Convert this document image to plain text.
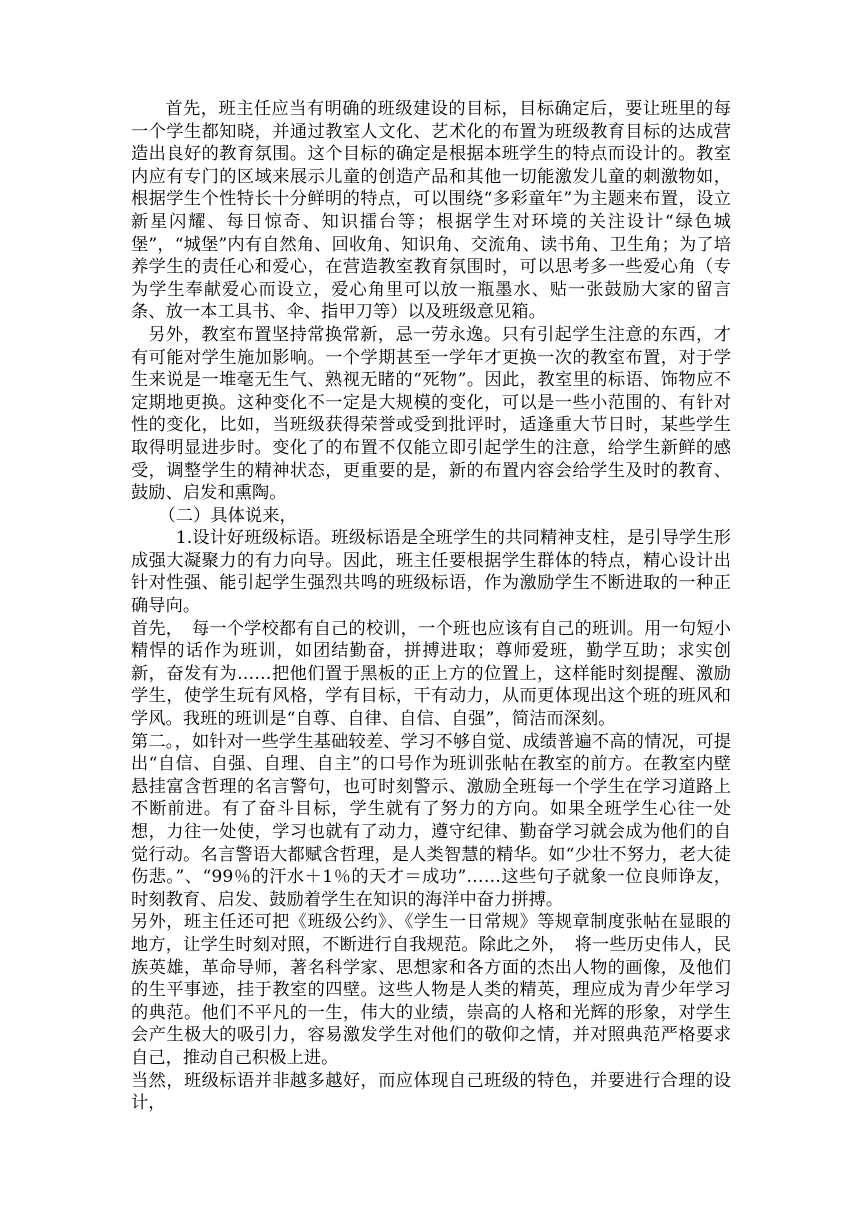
首先，班主任应当有明确的班级建设的目标，目标确定后，要让班里的每一个学生都知晓，并通过教室人文化、艺术化的布置为班级教育目标的达成营造出良好的教育氛围。这个目标的确定是根据本班学生的特点而设计的。教室内应有专门的区域来展示儿童的创造产品和其他一切能激发儿童的刺激物如，根据学生个性特长十分鲜明的特点，可以围绕“多彩童年”为主题来布置，设立新星闪耀、每日惊奇、知识擂台等；根据学生对环境的关注设计“绿色城堡”，“城堡”内有自然角、回收角、知识角、交流角、读书角、卫生角；为了培养学生的责任心和爱心，在营造教室教育氛围时，可以思考多一些爱心角（专为学生奉献爱心而设立，爱心角里可以放一瓶墨水、贴一张鼓励大家的留言条、放一本工具书、伞、指甲刀等）以及班级意见箱。

另外，教室布置坚持常换常新，忌一劳永逸。只有引起学生注意的东西，才有可能对学生施加影响。一个学期甚至一学年才更换一次的教室布置，对于学生来说是一堆毫无生气、熟视无睹的“死物”。因此，教室里的标语、饰物应不定期地更换。这种变化不一定是大规模的变化，可以是一些小范围的、有针对性的变化，比如，当班级获得荣誉或受到批评时，适逢重大节日时，某些学生取得明显进步时。变化了的布置不仅能立即引起学生的注意，给学生新鲜的感受，调整学生的精神状态，更重要的是，新的布置内容会给学生及时的教育、鼓励、启发和熏陶。

（二）具体说来，

1.设计好班级标语。班级标语是全班学生的共同精神支柱，是引导学生形成强大凝聚力的有力向导。因此，班主任要根据学生群体的特点，精心设计出针对性强、能引起学生强烈共鸣的班级标语，作为激励学生不断进取的一种正确导向。

首先，　每一个学校都有自己的校训，一个班也应该有自己的班训。用一句短小精悍的话作为班训，如团结勤奋，拼搏进取；尊师爱班，勤学互助；求实创新，奋发有为……把他们置于黑板的正上方的位置上，这样能时刻提醒、激励学生，使学生玩有风格，学有目标，干有动力，从而更体现出这个班的班风和学风。我班的班训是“自尊、自律、自信、自强”，简洁而深刻。

第二。，如针对一些学生基础较差、学习不够自觉、成绩普遍不高的情况，可提出“自信、自强、自理、自主”的口号作为班训张帖在教室的前方。在教室内壁悬挂富含哲理的名言警句，也可时刻警示、激励全班每一个学生在学习道路上不断前进。有了奋斗目标，学生就有了努力的方向。如果全班学生心往一处想，力往一处使，学习也就有了动力，遵守纪律、勤奋学习就会成为他们的自觉行动。名言警语大都赋含哲理，是人类智慧的精华。如“少壮不努力，老大徒伤悲。”、“99％的汗水＋1％的天才＝成功”……这些句子就象一位良师诤友，时刻教育、启发、鼓励着学生在知识的海洋中奋力拼搏。

另外，班主任还可把《班级公约》、《学生一日常规》等规章制度张帖在显眼的地方，让学生时刻对照，不断进行自我规范。除此之外，　将一些历史伟人，民族英雄，革命导师，著名科学家、思想家和各方面的杰出人物的画像，及他们的生平事迹，挂于教室的四壁。这些人物是人类的精英，理应成为青少年学习的典范。他们不平凡的一生，伟大的业绩，崇高的人格和光辉的形象，对学生会产生极大的吸引力，容易激发学生对他们的敬仰之情，并对照典范严格要求自己，推动自己积极上进。

当然，班级标语并非越多越好，而应体现自己班级的特色，并要进行合理的设计，
